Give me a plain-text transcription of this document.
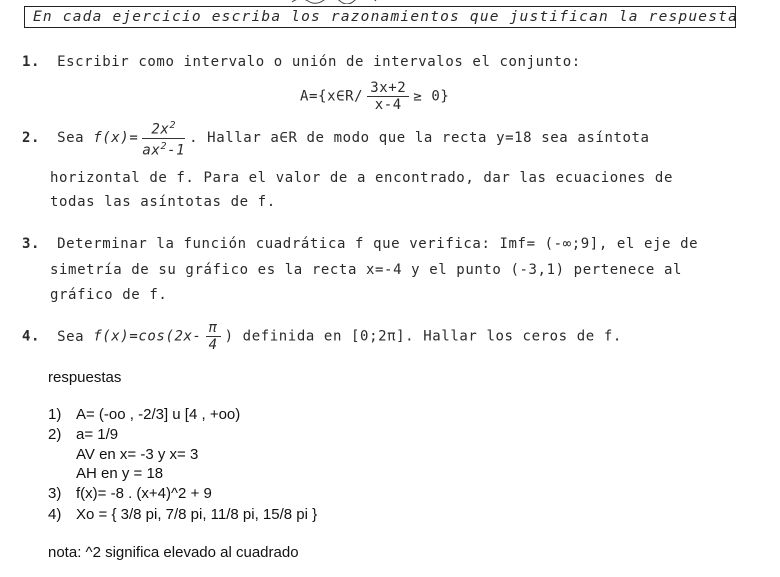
En cada ejercicio escriba los razonamientos que justifican la respuesta
1. Escribir como intervalo o unión de intervalos el conjunto:
A={x∈R/ $\frac{3x+2}{x-4} \ge 0$}
2. Sea $f(x)= \frac{2x^2}{ax^2-1}$ . Hallar a∈R de modo que la recta y=18 sea asíntota
horizontal de f. Para el valor de a encontrado, dar las ecuaciones de
todas las asíntotas de f.
3. Determinar la función cuadrática f que verifica: Imf= (-∞;9], el eje de
simetría de su gráfico es la recta x=-4 y el punto (-3,1) pertenece al
gráfico de f.
4. Sea $f(x)=\cos(2x- \frac{\pi}{4}$ ) definida en [0;2π]. Hallar los ceros de f.
respuestas
1) A= (-oo , -2/3] u [4 , +oo)
2) a= 1/9
AV en x= -3 y x= 3
AH en y = 18
3) f(x)= -8 . (x+4)^2 + 9
4) Xo = { 3/8 pi, 7/8 pi, 11/8 pi, 15/8 pi }
nota: ^2 significa elevado al cuadrado
